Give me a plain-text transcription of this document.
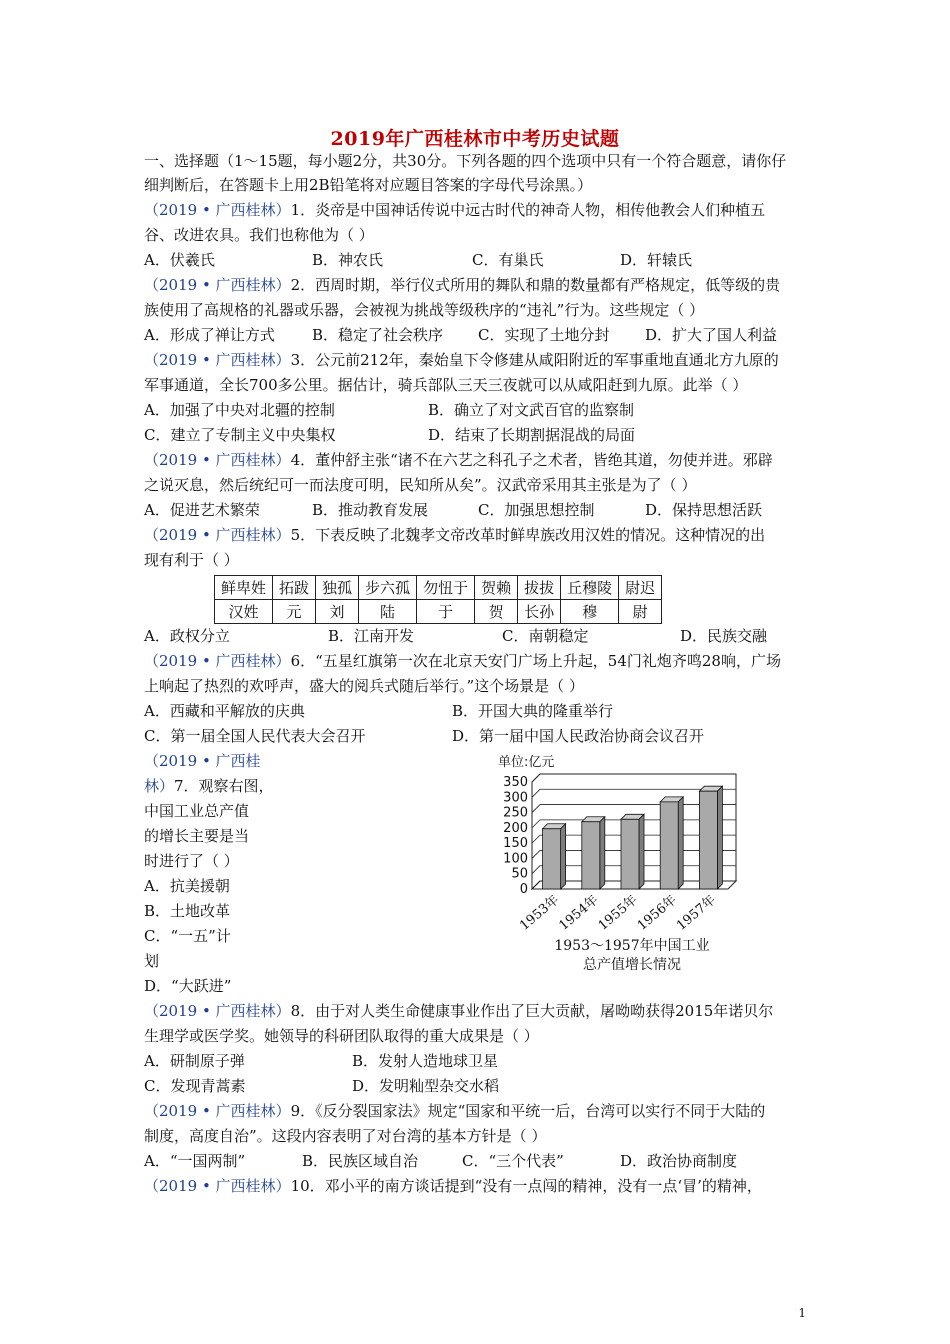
2019年广西桂林市中考历史试题
一、选择题（1～15题，每小题2分，共30分。下列各题的四个选项中只有一个符合题意，请你仔
细判断后，在答题卡上用2B铅笔将对应题目答案的字母代号涂黑。）
（2019 • 广西桂林）1．炎帝是中国神话传说中远古时代的神奇人物，相传他教会人们种植五
谷、改进农具。我们也称他为（ ）
A．伏羲氏	B．神农氏	C．有巢氏	D．轩辕氏
（2019 • 广西桂林）2．西周时期，举行仪式所用的舞队和鼎的数量都有严格规定，低等级的贵
族使用了高规格的礼器或乐器，会被视为挑战等级秩序的“违礼”行为。这些规定（ ）
A．形成了禅让方式 B．稳定了社会秩序 C．实现了土地分封 D．扩大了国人利益
（2019 • 广西桂林）3．公元前212年，秦始皇下令修建从咸阳附近的军事重地直通北方九原的
军事通道，全长700多公里。据估计，骑兵部队三天三夜就可以从咸阳赶到九原。此举（ ）
A．加强了中央对北疆的控制	B．确立了对文武百官的监察制
C．建立了专制主义中央集权	D．结束了长期割据混战的局面
（2019 • 广西桂林）4．董仲舒主张“诸不在六艺之科孔子之术者，皆绝其道，勿使并进。邪辟
之说灭息，然后统纪可一而法度可明，民知所从矣”。汉武帝采用其主张是为了（ ）
A．促进艺术繁荣	B．推动教育发展	C．加强思想控制	D．保持思想活跃
（2019 • 广西桂林）5．下表反映了北魏孝文帝改革时鲜卑族改用汉姓的情况。这种情况的出
现有利于（ ）
鲜卑姓	拓跋	独孤	步六孤	勿忸于	贺赖	拔拔	丘穆陵	尉迟
汉姓	元	刘	陆	于	贺	长孙	穆	尉
A．政权分立	B．江南开发	C．南朝稳定	D．民族交融
（2019 • 广西桂林）6．“五星红旗第一次在北京天安门广场上升起，54门礼炮齐鸣28响，广场
上响起了热烈的欢呼声，盛大的阅兵式随后举行。”这个场景是（ ）
A．西藏和平解放的庆典	B．开国大典的隆重举行
C．第一届全国人民代表大会召开	D．第一届中国人民政治协商会议召开
（2019 • 广西桂
林）7．观察右图，
中国工业总产值
的增长主要是当
时进行了（ ）
A．抗美援朝
B．土地改革
C．“一五”计
划
D．“大跃进”
单位:亿元
0
50
100
150
200
250
300
350
1953年
1954年
1955年
1956年
1957年
1953～1957年中国工业
总产值增长情况
（2019 • 广西桂林）8．由于对人类生命健康事业作出了巨大贡献，屠呦呦获得2015年诺贝尔
生理学或医学奖。她领导的科研团队取得的重大成果是（ ）
A．研制原子弹	B．发射人造地球卫星
C．发现青蒿素	D．发明籼型杂交水稻
（2019 • 广西桂林）9．《反分裂国家法》规定“国家和平统一后，台湾可以实行不同于大陆的
制度，高度自治”。这段内容表明了对台湾的基本方针是（ ）
A．“一国两制”	B．民族区域自治	C．“三个代表”	D．政治协商制度
（2019 • 广西桂林）10．邓小平的南方谈话提到“没有一点闯的精神，没有一点‘冒’的精神，
1
